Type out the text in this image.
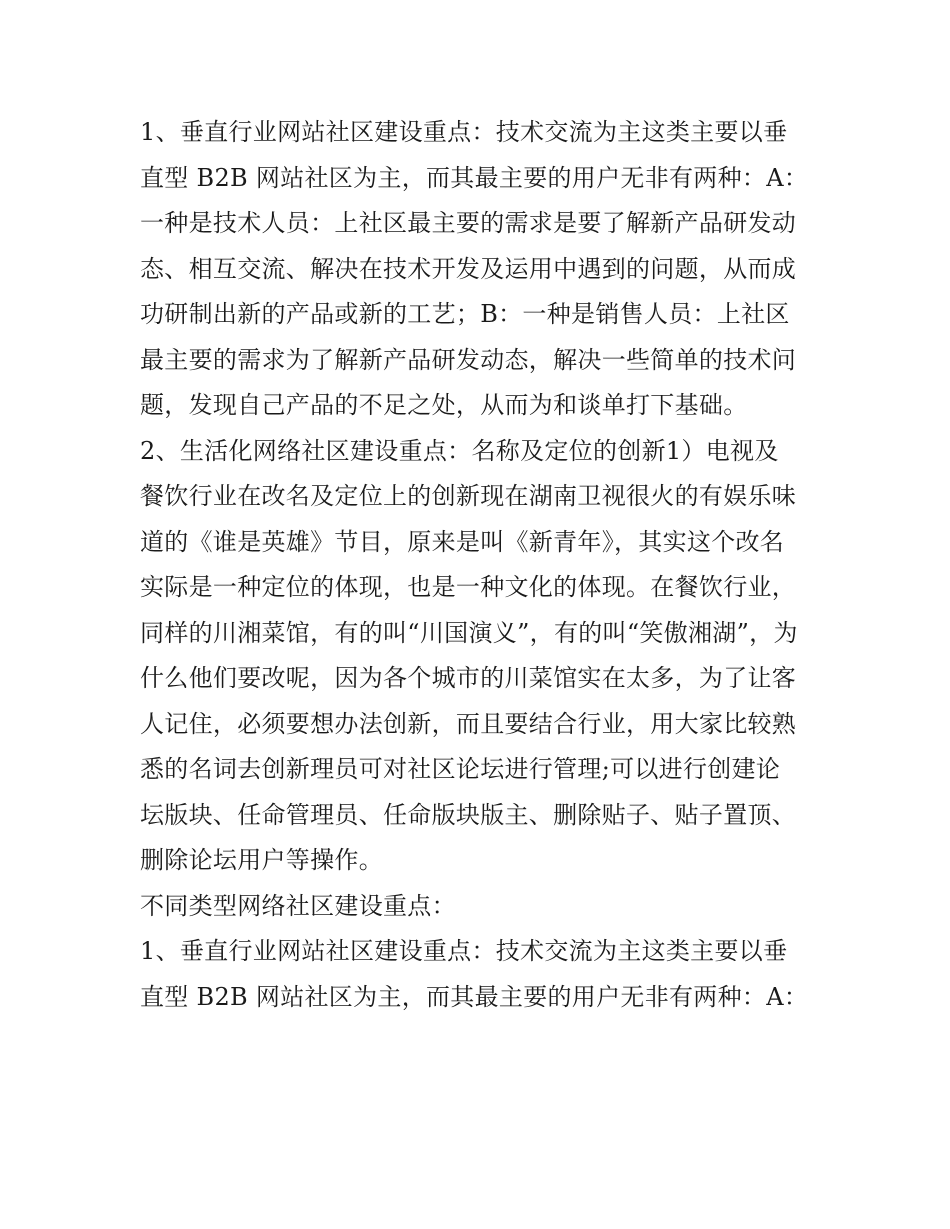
1、垂直行业网站社区建设重点：技术交流为主这类主要以垂
直型 B2B 网站社区为主，而其最主要的用户无非有两种：A：
一种是技术人员：上社区最主要的需求是要了解新产品研发动
态、相互交流、解决在技术开发及运用中遇到的问题，从而成
功研制出新的产品或新的工艺；B：一种是销售人员：上社区
最主要的需求为了解新产品研发动态，解决一些简单的技术问
题，发现自己产品的不足之处，从而为和谈单打下基础。
2、生活化网络社区建设重点：名称及定位的创新1）电视及
餐饮行业在改名及定位上的创新现在湖南卫视很火的有娱乐味
道的《谁是英雄》节目，原来是叫《新青年》，其实这个改名
实际是一种定位的体现，也是一种文化的体现。在餐饮行业，
同样的川湘菜馆，有的叫“川国演义”，有的叫“笑傲湘湖”，为
什么他们要改呢，因为各个城市的川菜馆实在太多，为了让客
人记住，必须要想办法创新，而且要结合行业，用大家比较熟
悉的名词去创新理员可对社区论坛进行管理;可以进行创建论
坛版块、任命管理员、任命版块版主、删除贴子、贴子置顶、
删除论坛用户等操作。
不同类型网络社区建设重点：
1、垂直行业网站社区建设重点：技术交流为主这类主要以垂
直型 B2B 网站社区为主，而其最主要的用户无非有两种：A：
